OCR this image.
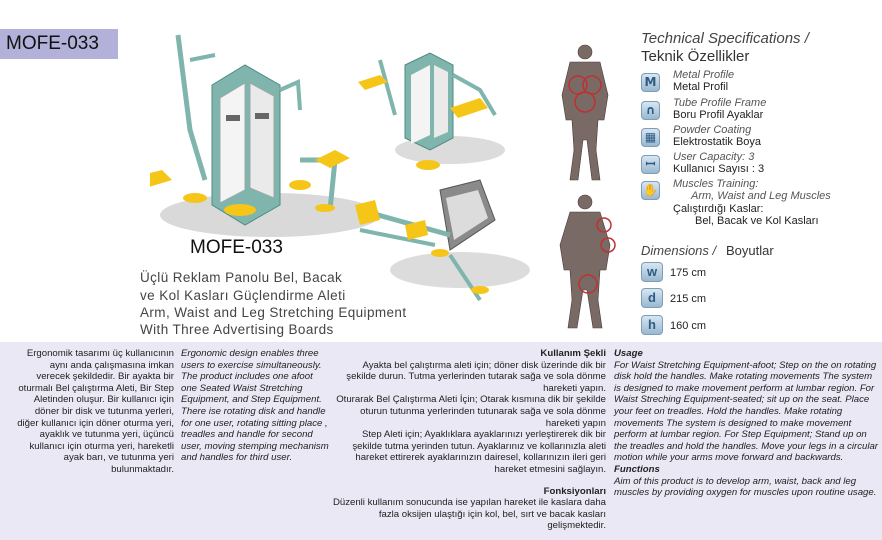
MOFE-033
MOFE-033
Üçlü Reklam Panolu Bel, Bacak
ve Kol Kasları Güçlendirme Aleti
Arm, Waist and Leg Stretching Equipment
With Three Advertising Boards
Technical Specifications /
Teknik Özellikler
M	Metal Profile
Metal Profil
∩	Tube Profile Frame
Boru Profil Ayaklar
▦	Powder Coating
Elektrostatik Boya
ꟷ	User Capacity: 3
Kullanıcı Sayısı : 3
✋ Muscles Training:
Arm, Waist and Leg Muscles
Çalıştırdığı Kaslar:
Bel, Bacak ve Kol Kasları
Dimensions / Boyutlar
w	175 cm
d	215 cm
h	160 cm
Ergonomik tasarımı üç kullanıcının aynı anda çalışmasına imkan verecek şekildedir. Bir ayakta bir oturmalı Bel çalıştırma Aleti, Bir Step Aletinden oluşur. Bir kullanıcı için döner bir disk ve tutunma yerleri, diğer kullanıcı için döner oturma yeri, ayaklık ve tutunma yeri, üçüncü kullanıcı için oturma yeri, hareketli ayak barı, ve tutunma yeri bulunmaktadır.
Ergonomic design enables three users to exercise simultaneously. The product includes one afoot one Seated Waist Stretching Equipment, and Step Equipment. There ise rotating disk and handle for one user, rotating sitting place , treadles and handle for second user, moving stemping mechanism and handles for third user.
Kullanım Şekli
Ayakta bel çalıştırma aleti için; döner disk üzerinde dik bir şekilde durun. Tutma yerlerinden tutarak sağa ve sola dönme hareketi yapın.
Oturarak Bel Çalıştırma Aleti İçin; Otarak kısmına dik bir şekilde oturun tutunma yerlerinden tutunarak sağa ve sola dönme hareketi yapın
Step Aleti için; Ayaklıklara ayaklarınızı yerleştirerek dik bir şekilde tutma yerinden tutun. Ayaklarınız ve kollarınızla aleti hareket ettirerek ayaklarınızın dairesel, kollarınızın ileri geri hareket etmesini sağlayın.
Fonksiyonları
Düzenli kullanım sonucunda ise yapılan hareket ile kaslara daha fazla oksijen ulaştığı için kol, bel, sırt ve bacak kasları gelişmektedir.
Usage
For Waist Stretching Equipment-afoot; Step on the on rotating disk hold the handles. Make rotating movements The system is designed to make movement perform at lumbar region. For Waist Streching Equipment-seated; sit up on the seat. Place your feet on treadles. Hold the handles. Make rotating movements The system is designed to make movement perform at lumbar region. For Step Equipment; Stand up on the treadles and hold the handles. Move your legs in a circular motion while your arms move forward and backwards.
Functions
Aim of this product is to develop arm, waist, back and leg muscles by providing oxygen for muscles upon routine usage.
